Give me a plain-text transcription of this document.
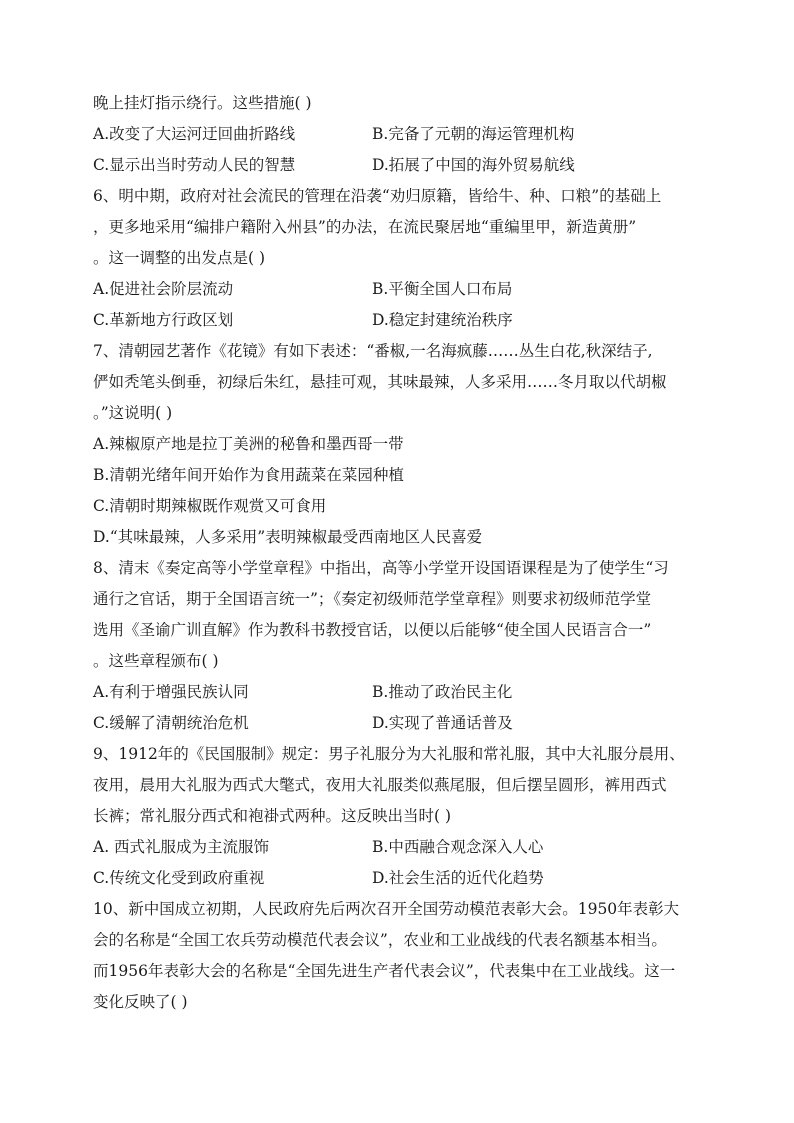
晚上挂灯指示绕行。这些措施( )
A.改变了大运河迂回曲折路线	B.完备了元朝的海运管理机构
C.显示出当时劳动人民的智慧	D.拓展了中国的海外贸易航线
6、明中期，政府对社会流民的管理在沿袭“劝归原籍，皆给牛、种、口粮”的基础上
，更多地采用“编排户籍附入州县”的办法，在流民聚居地“重编里甲，新造黄册”
。这一调整的出发点是( )
A.促进社会阶层流动	B.平衡全国人口布局
C.革新地方行政区划	D.稳定封建统治秩序
7、清朝园艺著作《花镜》有如下表述：“番椒,一名海疯藤……丛生白花,秋深结子,
俨如秃笔头倒垂，初绿后朱红，悬挂可观，其味最辣，人多采用……冬月取以代胡椒
。”这说明( )
A.辣椒原产地是拉丁美洲的秘鲁和墨西哥一带
B.清朝光绪年间开始作为食用蔬菜在菜园种植
C.清朝时期辣椒既作观赏又可食用
D.“其味最辣，人多采用”表明辣椒最受西南地区人民喜爱
8、清末《奏定高等小学堂章程》中指出，高等小学堂开设国语课程是为了使学生“习
通行之官话，期于全国语言统一”；《奏定初级师范学堂章程》则要求初级师范学堂
选用《圣谕广训直解》作为教科书教授官话，以便以后能够“使全国人民语言合一”
。这些章程颁布( )
A.有利于增强民族认同	B.推动了政治民主化
C.缓解了清朝统治危机	D.实现了普通话普及
9、1912年的《民国服制》规定：男子礼服分为大礼服和常礼服，其中大礼服分晨用、
夜用，晨用大礼服为西式大氅式，夜用大礼服类似燕尾服，但后摆呈圆形，裤用西式
长裤；常礼服分西式和袍褂式两种。这反映出当时( )
A. 西式礼服成为主流服饰	B.中西融合观念深入人心
C.传统文化受到政府重视	D.社会生活的近代化趋势
10、新中国成立初期，人民政府先后两次召开全国劳动模范表彰大会。1950年表彰大
会的名称是“全国工农兵劳动模范代表会议”，农业和工业战线的代表名额基本相当。
而1956年表彰大会的名称是“全国先进生产者代表会议”，代表集中在工业战线。这一
变化反映了( )
